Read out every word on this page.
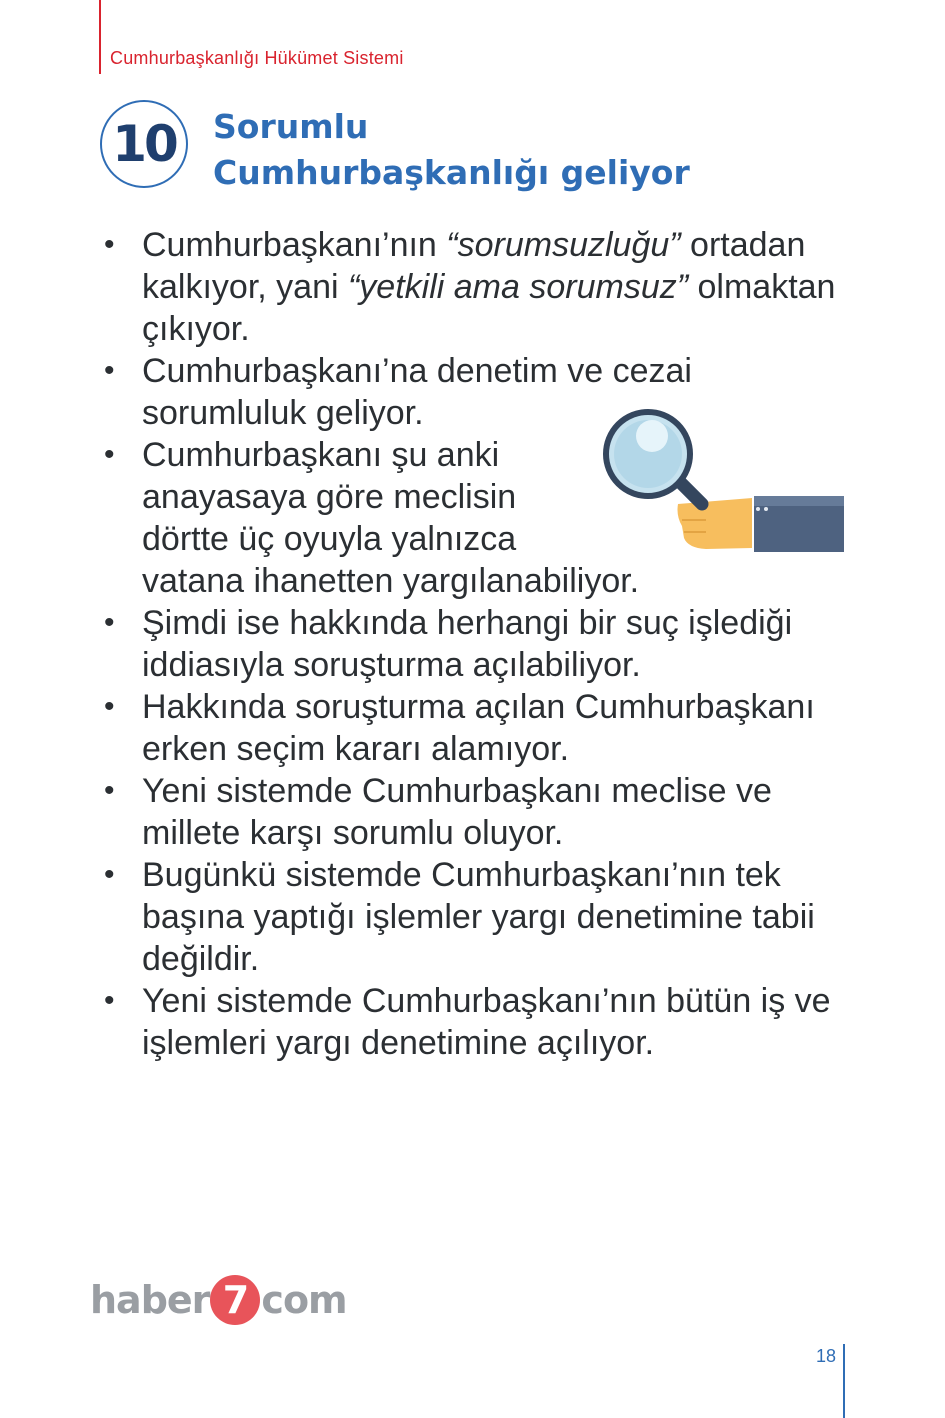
Cumhurbaşkanlığı Hükümet Sistemi
10 Sorumlu
Cumhurbaşkanlığı geliyor
• Cumhurbaşkanı’nın “sorumsuzluğu” ortadan kalkıyor, yani “yetkili ama sorumsuz” olmaktan çıkıyor.
• Cumhurbaşkanı’na denetim ve cezai sorumluluk geliyor.
• Cumhurbaşkanı şu anki anayasaya göre meclisin dörtte üç oyuyla yalnızca
vatana ihanetten yargılanabiliyor.
• Şimdi ise hakkında herhangi bir suç işlediği iddiasıyla soruşturma açılabiliyor.
• Hakkında soruşturma açılan Cumhurbaşkanı erken seçim kararı alamıyor.
• Yeni sistemde Cumhurbaşkanı meclise ve millete karşı sorumlu oluyor.
• Bugünkü sistemde Cumhurbaşkanı’nın tek başına yaptığı işlemler yargı denetimine tabii değildir.
• Yeni sistemde Cumhurbaşkanı’nın bütün iş ve işlemleri yargı denetimine açılıyor.
haber 7 com
18
